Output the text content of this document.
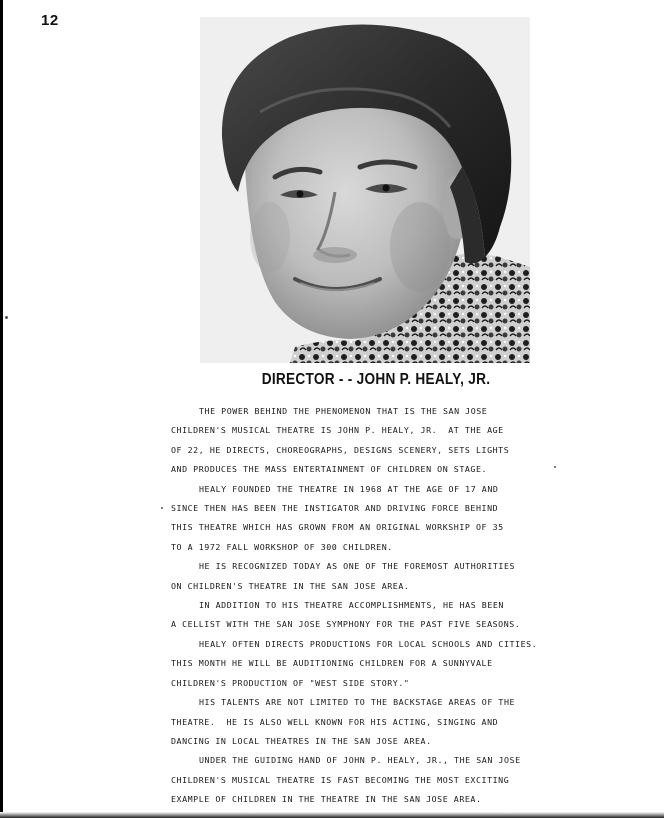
12
DIRECTOR - - JOHN P. HEALY, JR.

THE POWER BEHIND THE PHENOMENON THAT IS THE SAN JOSE

CHILDREN'S MUSICAL THEATRE IS JOHN P. HEALY, JR.  AT THE AGE

OF 22, HE DIRECTS, CHOREOGRAPHS, DESIGNS SCENERY, SETS LIGHTS

AND PRODUCES THE MASS ENTERTAINMENT OF CHILDREN ON STAGE.

HEALY FOUNDED THE THEATRE IN 1968 AT THE AGE OF 17 AND

SINCE THEN HAS BEEN THE INSTIGATOR AND DRIVING FORCE BEHIND

THIS THEATRE WHICH HAS GROWN FROM AN ORIGINAL WORKSHIP OF 35

TO A 1972 FALL WORKSHOP OF 300 CHILDREN.

HE IS RECOGNIZED TODAY AS ONE OF THE FOREMOST AUTHORITIES

ON CHILDREN'S THEATRE IN THE SAN JOSE AREA.

IN ADDITION TO HIS THEATRE ACCOMPLISHMENTS, HE HAS BEEN

A CELLIST WITH THE SAN JOSE SYMPHONY FOR THE PAST FIVE SEASONS.

HEALY OFTEN DIRECTS PRODUCTIONS FOR LOCAL SCHOOLS AND CITIES.

THIS MONTH HE WILL BE AUDITIONING CHILDREN FOR A SUNNYVALE

CHILDREN'S PRODUCTION OF "WEST SIDE STORY."

HIS TALENTS ARE NOT LIMITED TO THE BACKSTAGE AREAS OF THE

THEATRE.  HE IS ALSO WELL KNOWN FOR HIS ACTING, SINGING AND

DANCING IN LOCAL THEATRES IN THE SAN JOSE AREA.

UNDER THE GUIDING HAND OF JOHN P. HEALY, JR., THE SAN JOSE

CHILDREN'S MUSICAL THEATRE IS FAST BECOMING THE MOST EXCITING

EXAMPLE OF CHILDREN IN THE THEATRE IN THE SAN JOSE AREA.
